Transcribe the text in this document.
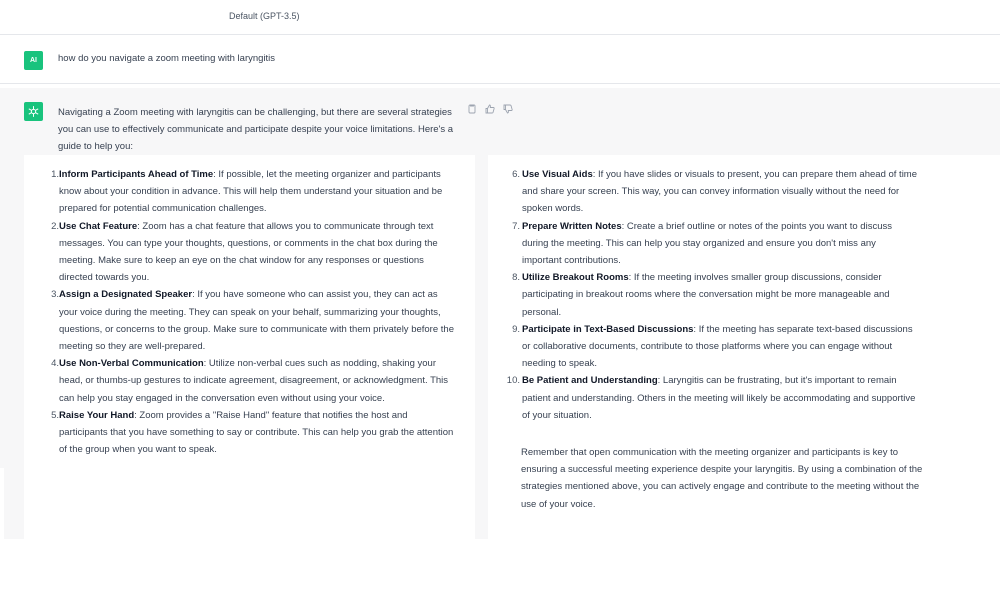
Default (GPT-3.5)
AI	how do you navigate a zoom meeting with laryngitis
Navigating a Zoom meeting with laryngitis can be challenging, but there are several strategies you can use to effectively communicate and participate despite your voice limitations. Here's a guide to help you:
1. Inform Participants Ahead of Time: If possible, let the meeting organizer and participants know about your condition in advance. This will help them understand your situation and be prepared for potential communication challenges.
2. Use Chat Feature: Zoom has a chat feature that allows you to communicate through text messages. You can type your thoughts, questions, or comments in the chat box during the meeting. Make sure to keep an eye on the chat window for any responses or questions directed towards you.
3. Assign a Designated Speaker: If you have someone who can assist you, they can act as your voice during the meeting. They can speak on your behalf, summarizing your thoughts, questions, or concerns to the group. Make sure to communicate with them privately before the meeting so they are well-prepared.
4. Use Non-Verbal Communication: Utilize non-verbal cues such as nodding, shaking your head, or thumbs-up gestures to indicate agreement, disagreement, or acknowledgment. This can help you stay engaged in the conversation even without using your voice.
5. Raise Your Hand: Zoom provides a "Raise Hand" feature that notifies the host and participants that you have something to say or contribute. This can help you grab the attention of the group when you want to speak.
6. Use Visual Aids: If you have slides or visuals to present, you can prepare them ahead of time and share your screen. This way, you can convey information visually without the need for spoken words.
7. Prepare Written Notes: Create a brief outline or notes of the points you want to discuss during the meeting. This can help you stay organized and ensure you don't miss any important contributions.
8. Utilize Breakout Rooms: If the meeting involves smaller group discussions, consider participating in breakout rooms where the conversation might be more manageable and personal.
9. Participate in Text-Based Discussions: If the meeting has separate text-based discussions or collaborative documents, contribute to those platforms where you can engage without needing to speak.
10. Be Patient and Understanding: Laryngitis can be frustrating, but it's important to remain patient and understanding. Others in the meeting will likely be accommodating and supportive of your situation.
Remember that open communication with the meeting organizer and participants is key to ensuring a successful meeting experience despite your laryngitis. By using a combination of the strategies mentioned above, you can actively engage and contribute to the meeting without the use of your voice.
